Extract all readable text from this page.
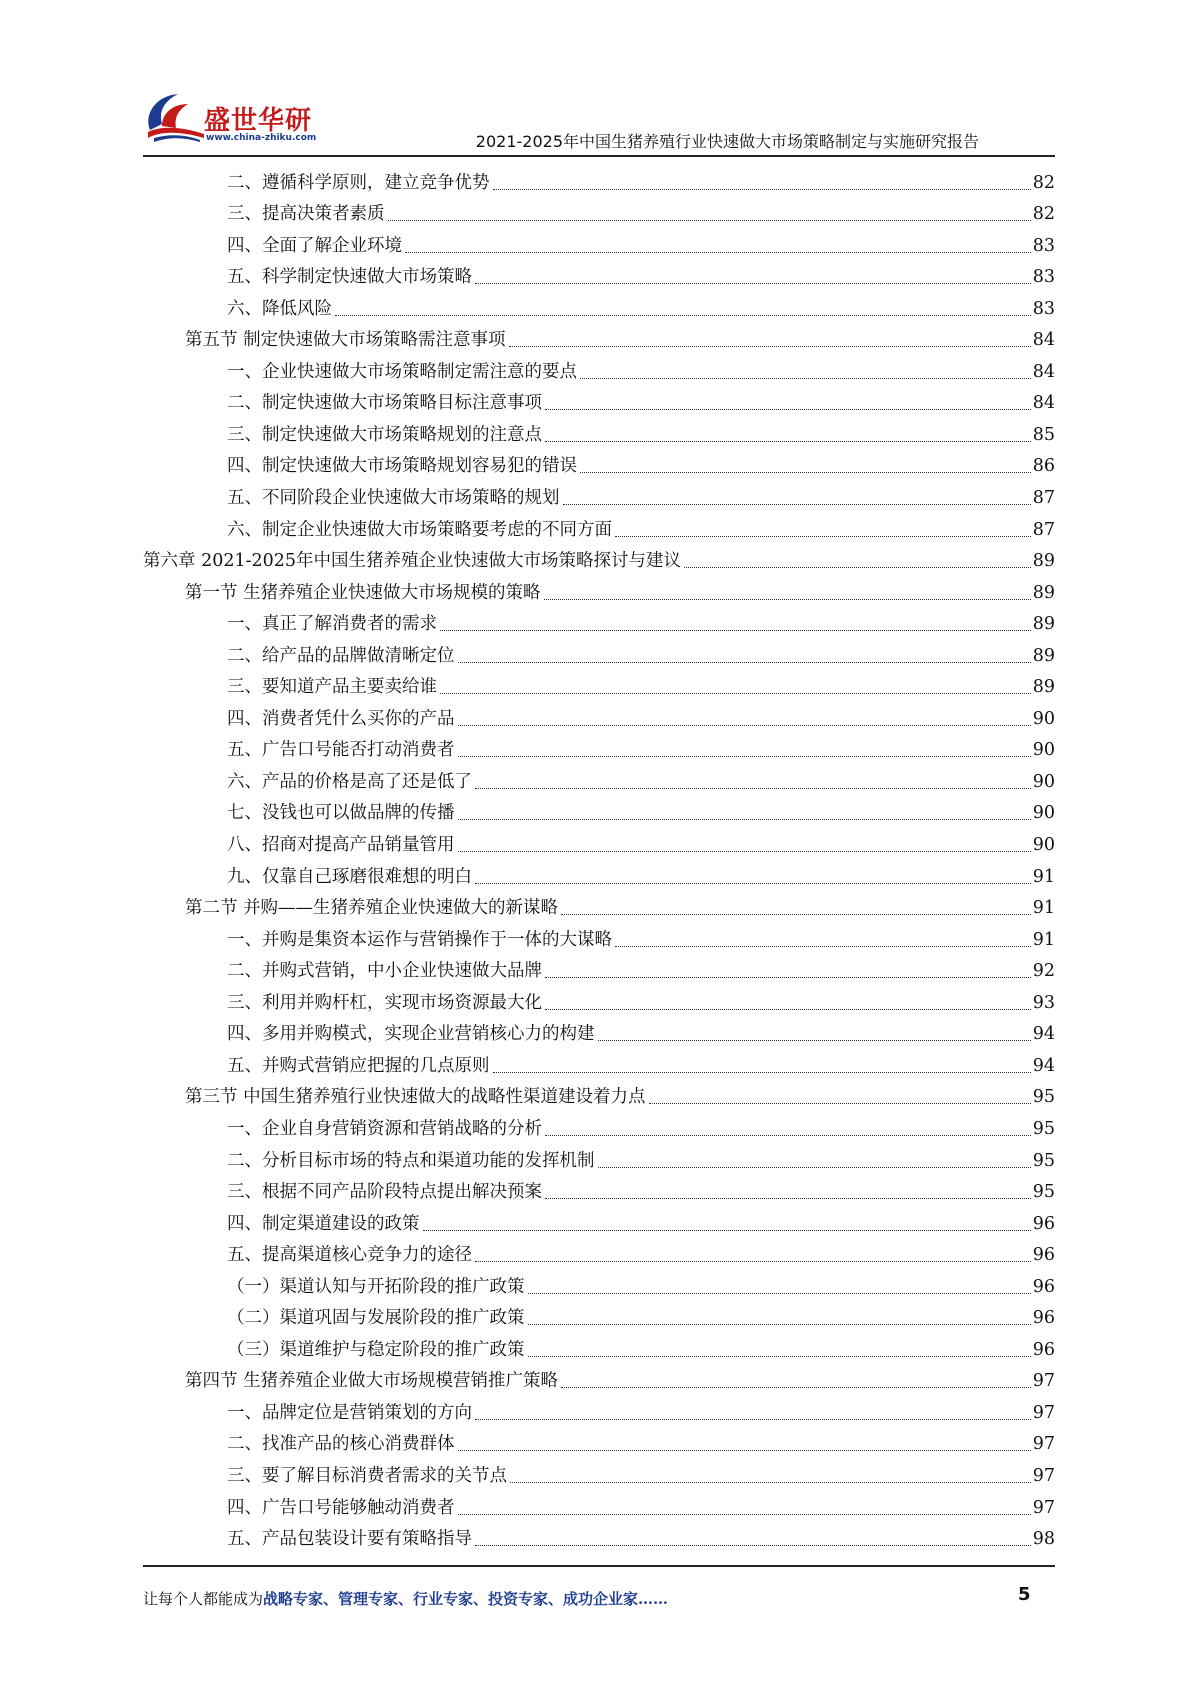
盛世华研
www.china-zhiku.com	2021-2025年中国生猪养殖行业快速做大市场策略制定与实施研究报告
二、遵循科学原则，建立竞争优势	82
三、提高决策者素质	82
四、全面了解企业环境	83
五、科学制定快速做大市场策略	83
六、降低风险	83
第五节 制定快速做大市场策略需注意事项	84
一、企业快速做大市场策略制定需注意的要点	84
二、制定快速做大市场策略目标注意事项	84
三、制定快速做大市场策略规划的注意点	85
四、制定快速做大市场策略规划容易犯的错误	86
五、不同阶段企业快速做大市场策略的规划	87
六、制定企业快速做大市场策略要考虑的不同方面	87
第六章 2021-2025年中国生猪养殖企业快速做大市场策略探讨与建议	89
第一节 生猪养殖企业快速做大市场规模的策略	89
一、真正了解消费者的需求	89
二、给产品的品牌做清晰定位	89
三、要知道产品主要卖给谁	89
四、消费者凭什么买你的产品	90
五、广告口号能否打动消费者	90
六、产品的价格是高了还是低了	90
七、没钱也可以做品牌的传播	90
八、招商对提高产品销量管用	90
九、仅靠自己琢磨很难想的明白	91
第二节 并购——生猪养殖企业快速做大的新谋略	91
一、并购是集资本运作与营销操作于一体的大谋略	91
二、并购式营销，中小企业快速做大品牌	92
三、利用并购杆杠，实现市场资源最大化	93
四、多用并购模式，实现企业营销核心力的构建	94
五、并购式营销应把握的几点原则	94
第三节 中国生猪养殖行业快速做大的战略性渠道建设着力点	95
一、企业自身营销资源和营销战略的分析	95
二、分析目标市场的特点和渠道功能的发挥机制	95
三、根据不同产品阶段特点提出解决预案	95
四、制定渠道建设的政策	96
五、提高渠道核心竞争力的途径	96
（一）渠道认知与开拓阶段的推广政策	96
（二）渠道巩固与发展阶段的推广政策	96
（三）渠道维护与稳定阶段的推广政策	96
第四节 生猪养殖企业做大市场规模营销推广策略	97
一、品牌定位是营销策划的方向	97
二、找准产品的核心消费群体	97
三、要了解目标消费者需求的关节点	97
四、广告口号能够触动消费者	97
五、产品包装设计要有策略指导	98
让每个人都能成为战略专家、管理专家、行业专家、投资专家、成功企业家……	5
